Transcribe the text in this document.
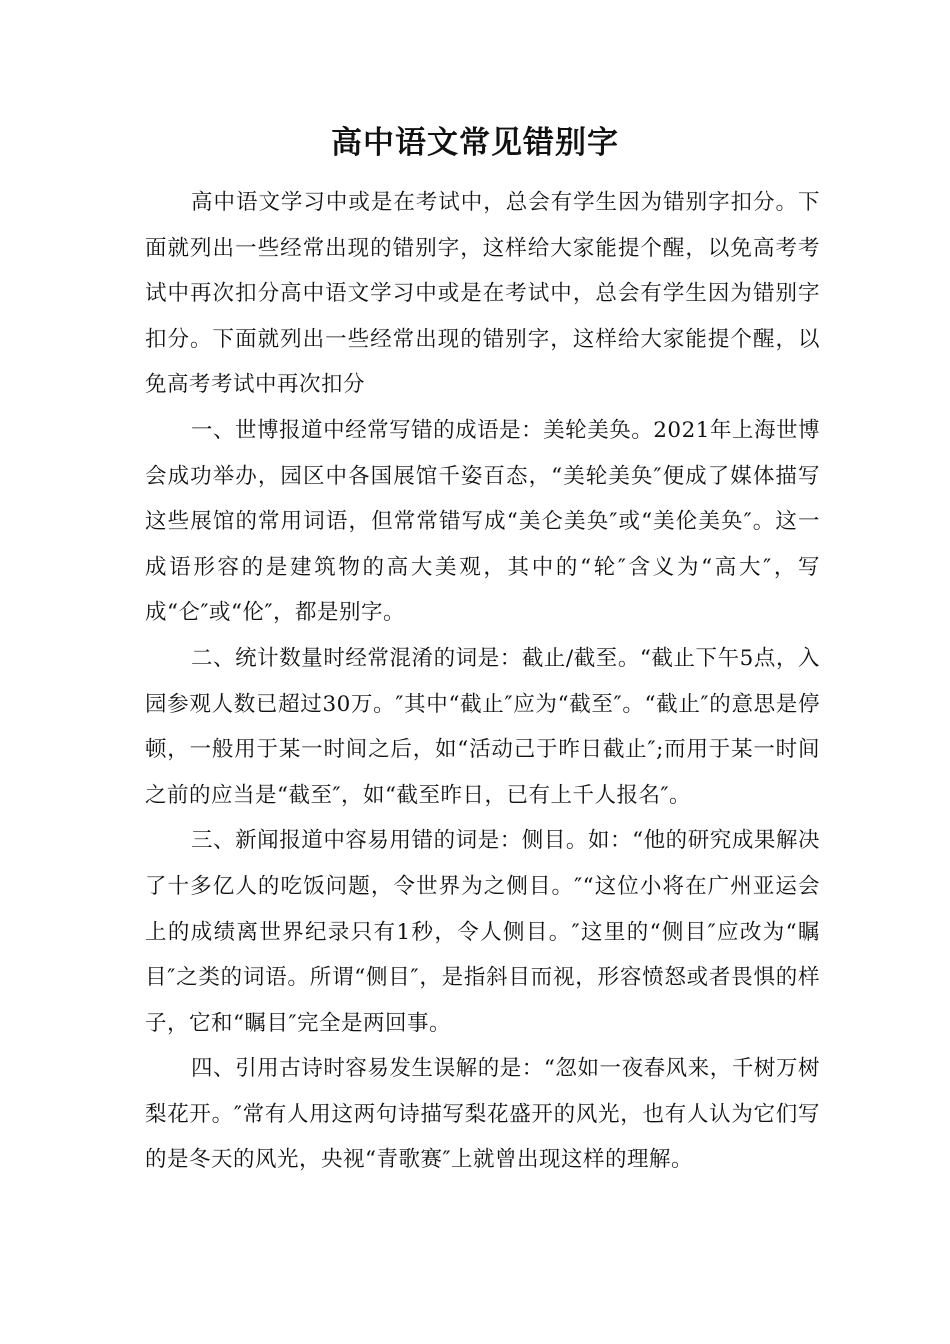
高中语文常见错别字

高中语文学习中或是在考试中，总会有学生因为错别字扣分。下面就列出一些经常出现的错别字，这样给大家能提个醒，以免高考考试中再次扣分高中语文学习中或是在考试中，总会有学生因为错别字扣分。下面就列出一些经常出现的错别字，这样给大家能提个醒，以免高考考试中再次扣分

一、世博报道中经常写错的成语是：美轮美奂。2021年上海世博会成功举办，园区中各国展馆千姿百态，“美轮美奂″便成了媒体描写这些展馆的常用词语，但常常错写成“美仑美奂″或“美伦美奂″。这一成语形容的是建筑物的高大美观，其中的“轮″含义为“高大″，写成“仑″或“伦″，都是别字。

二、统计数量时经常混淆的词是：截止/截至。“截止下午5点，入园参观人数已超过30万。″其中“截止″应为“截至″。“截止″的意思是停顿，一般用于某一时间之后，如“活动己于昨日截止″;而用于某一时间之前的应当是“截至″，如“截至昨日，已有上千人报名″。

三、新闻报道中容易用错的词是：侧目。如：“他的研究成果解决了十多亿人的吃饭问题，令世界为之侧目。″“这位小将在广州亚运会上的成绩离世界纪录只有1秒，令人侧目。″这里的“侧目″应改为“瞩目″之类的词语。所谓“侧目″，是指斜目而视，形容愤怒或者畏惧的样子，它和“瞩目″完全是两回事。

四、引用古诗时容易发生误解的是：“忽如一夜春风来，千树万树梨花开。″常有人用这两句诗描写梨花盛开的风光，也有人认为它们写的是冬天的风光，央视“青歌赛″上就曾出现这样的理解。
